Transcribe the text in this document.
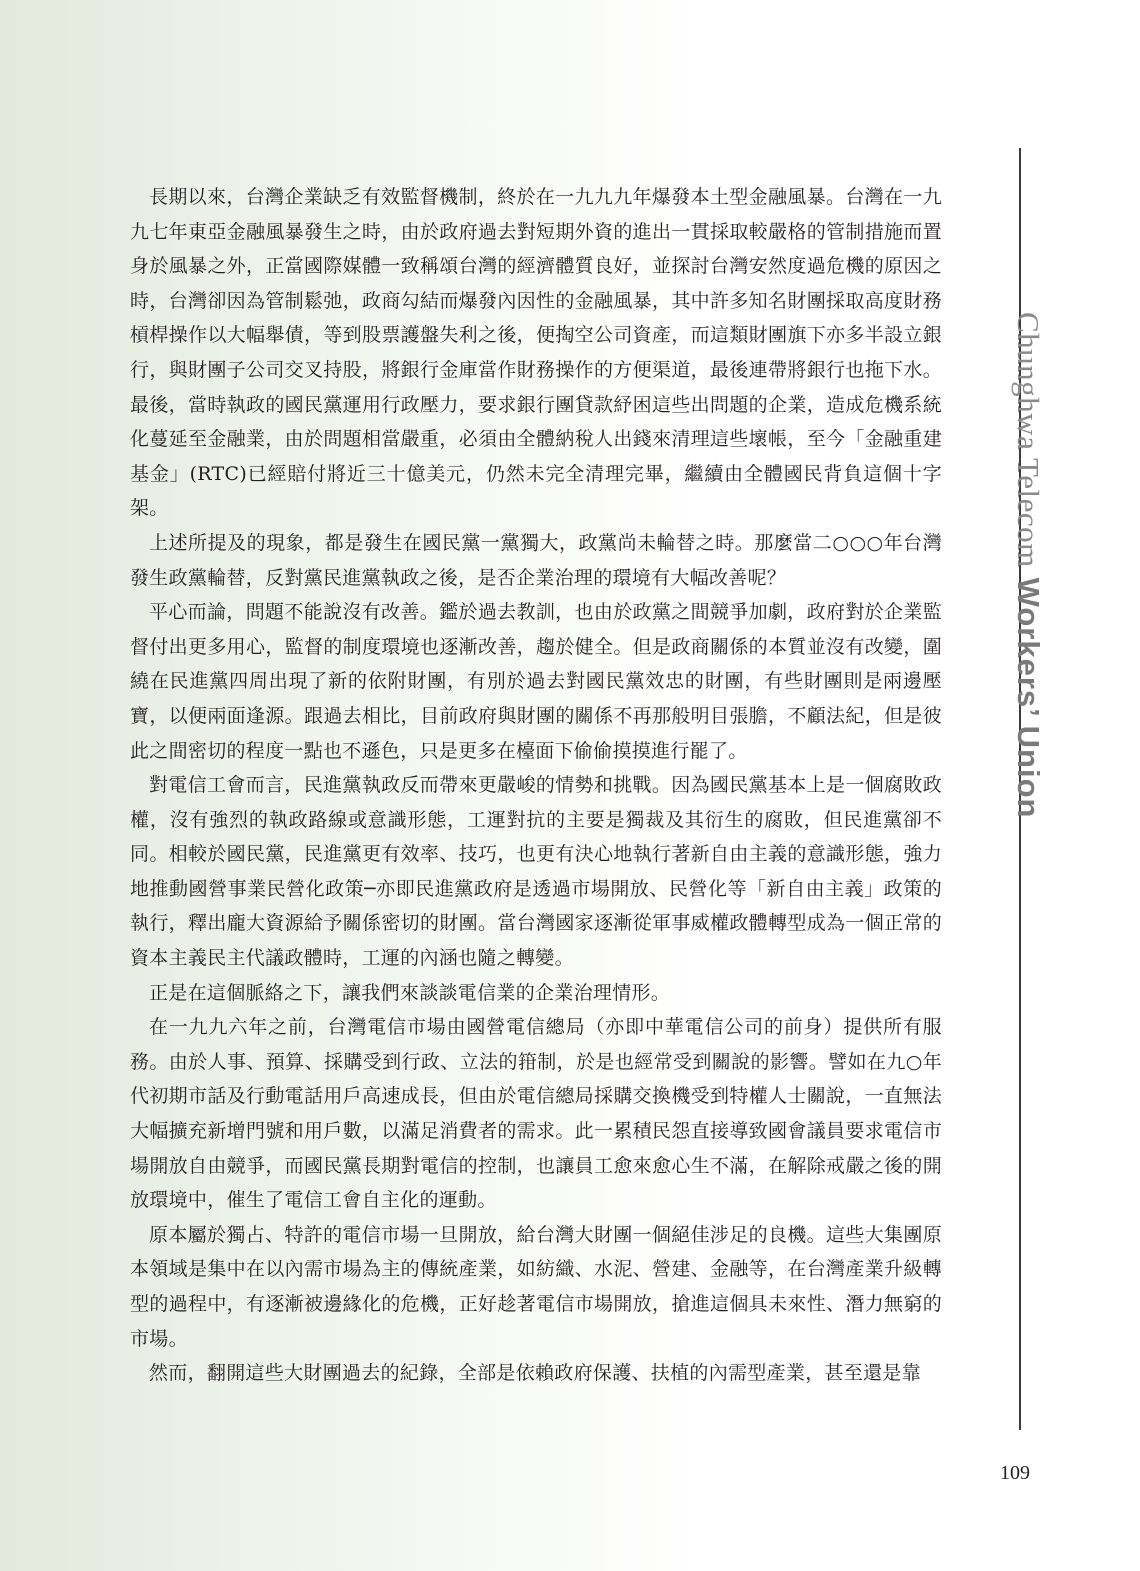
長期以來，台灣企業缺乏有效監督機制，終於在一九九九年爆發本土型金融風暴。台灣在一九九七年東亞金融風暴發生之時，由於政府過去對短期外資的進出一貫採取較嚴格的管制措施而置身於風暴之外，正當國際媒體一致稱頌台灣的經濟體質良好，並探討台灣安然度過危機的原因之時，台灣卻因為管制鬆弛，政商勾結而爆發內因性的金融風暴，其中許多知名財團採取高度財務槓桿操作以大幅舉債，等到股票護盤失利之後，便掏空公司資產，而這類財團旗下亦多半設立銀行，與財團子公司交叉持股，將銀行金庫當作財務操作的方便渠道，最後連帶將銀行也拖下水。最後，當時執政的國民黨運用行政壓力，要求銀行團貸款紓困這些出問題的企業，造成危機系統化蔓延至金融業，由於問題相當嚴重，必須由全體納稅人出錢來清理這些壞帳，至今「金融重建基金」(RTC)已經賠付將近三十億美元，仍然未完全清理完畢，繼續由全體國民背負這個十字架。

上述所提及的現象，都是發生在國民黨一黨獨大，政黨尚未輪替之時。那麼當二○○○年台灣發生政黨輪替，反對黨民進黨執政之後，是否企業治理的環境有大幅改善呢？

平心而論，問題不能說沒有改善。鑑於過去教訓，也由於政黨之間競爭加劇，政府對於企業監督付出更多用心，監督的制度環境也逐漸改善，趨於健全。但是政商關係的本質並沒有改變，圍繞在民進黨四周出現了新的依附財團，有別於過去對國民黨效忠的財團，有些財團則是兩邊壓寶，以便兩面逢源。跟過去相比，目前政府與財團的關係不再那般明目張膽，不顧法紀，但是彼此之間密切的程度一點也不遜色，只是更多在檯面下偷偷摸摸進行罷了。

對電信工會而言，民進黨執政反而帶來更嚴峻的情勢和挑戰。因為國民黨基本上是一個腐敗政權，沒有強烈的執政路線或意識形態，工運對抗的主要是獨裁及其衍生的腐敗，但民進黨卻不同。相較於國民黨，民進黨更有效率、技巧，也更有決心地執行著新自由主義的意識形態，強力地推動國營事業民營化政策─亦即民進黨政府是透過市場開放、民營化等「新自由主義」政策的執行，釋出龐大資源給予關係密切的財團。當台灣國家逐漸從軍事威權政體轉型成為一個正常的資本主義民主代議政體時，工運的內涵也隨之轉變。

正是在這個脈絡之下，讓我們來談談電信業的企業治理情形。

在一九九六年之前，台灣電信市場由國營電信總局（亦即中華電信公司的前身）提供所有服務。由於人事、預算、採購受到行政、立法的箝制，於是也經常受到關說的影響。譬如在九○年代初期市話及行動電話用戶高速成長，但由於電信總局採購交換機受到特權人士關說，一直無法大幅擴充新增門號和用戶數，以滿足消費者的需求。此一累積民怨直接導致國會議員要求電信市場開放自由競爭，而國民黨長期對電信的控制，也讓員工愈來愈心生不滿，在解除戒嚴之後的開放環境中，催生了電信工會自主化的運動。

原本屬於獨占、特許的電信市場一旦開放，給台灣大財團一個絕佳涉足的良機。這些大集團原本領域是集中在以內需市場為主的傳統產業，如紡織、水泥、營建、金融等，在台灣產業升級轉型的過程中，有逐漸被邊緣化的危機，正好趁著電信市場開放，搶進這個具未來性、潛力無窮的市場。

然而，翻開這些大財團過去的紀錄，全部是依賴政府保護、扶植的內需型產業，甚至還是靠

Chunghwa Telecom Workers’ Union
109
